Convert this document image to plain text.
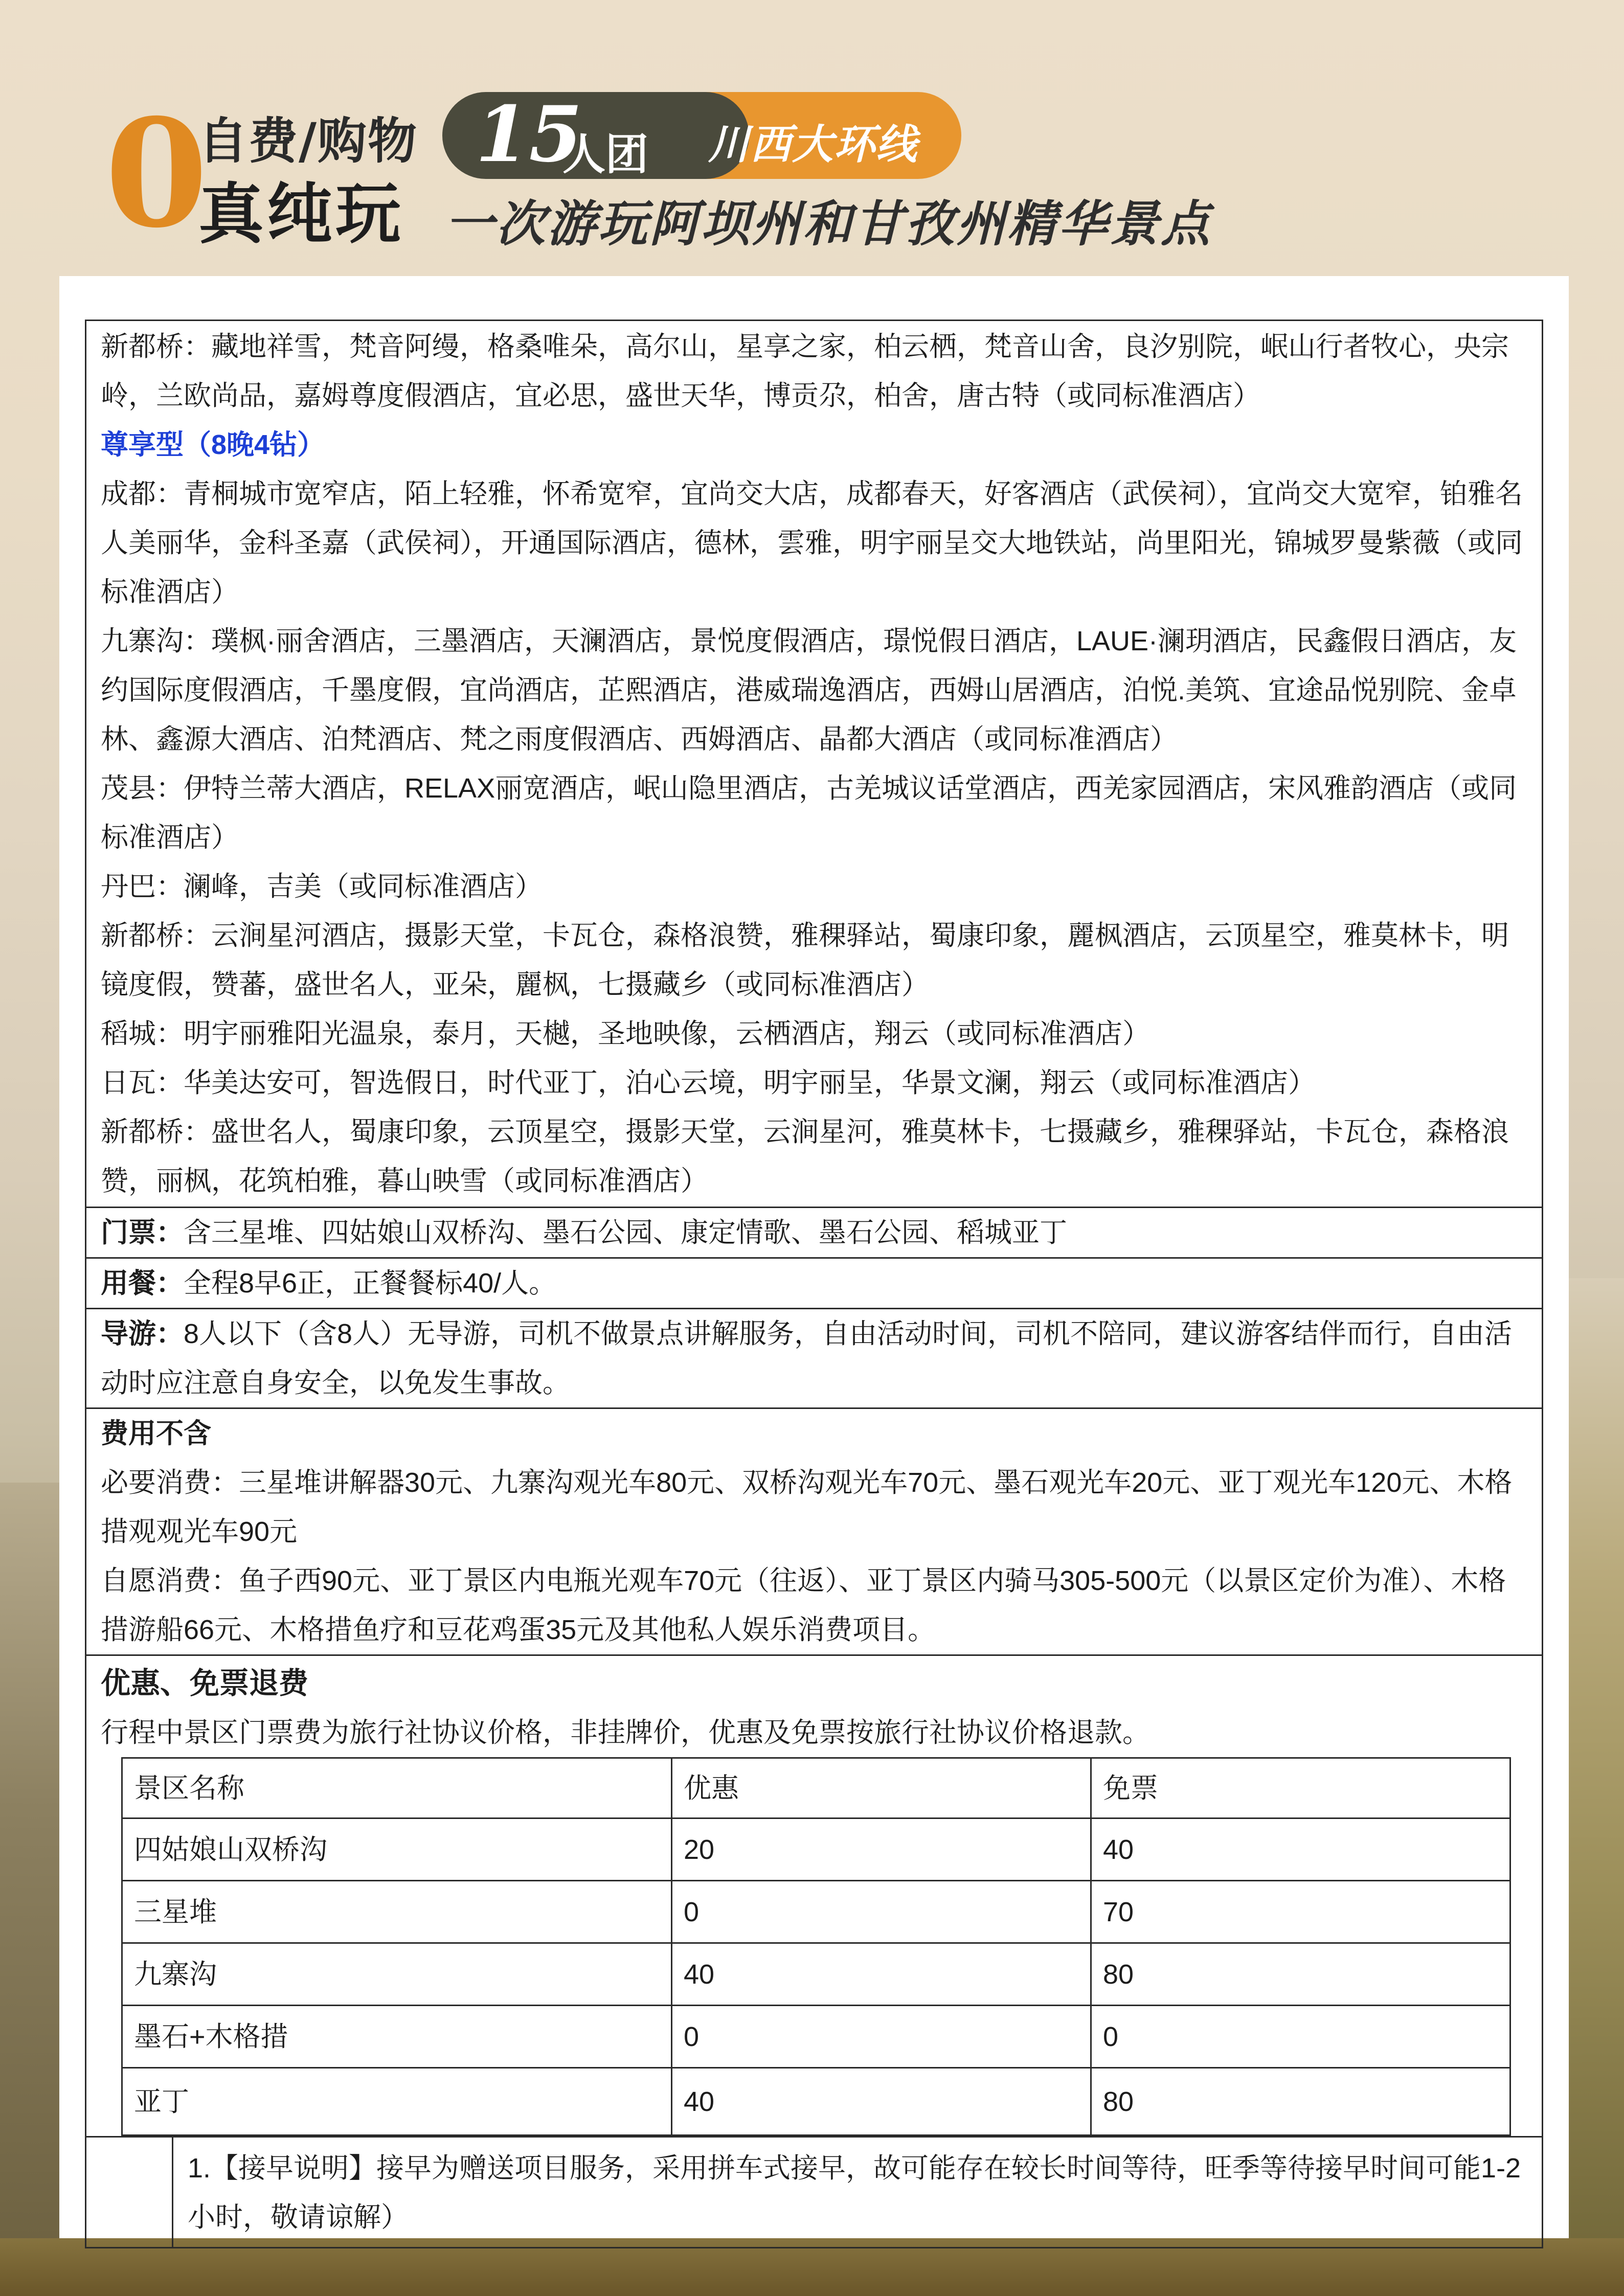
0
自费/购物
真纯玩
15
人团 川西大环线
一次游玩阿坝州和甘孜州精华景点
新都桥：藏地祥雪，梵音阿缦，格桑唯朵，高尔山，星享之家，柏云栖，梵音山舍，良汐别院，岷山行者牧心，央宗岭，兰欧尚品，嘉姆尊度假酒店，宜必思，盛世天华，博贡尕，柏舍，唐古特（或同标准酒店）
尊享型（8晚4钻）
成都：青桐城市宽窄店，陌上轻雅，怀希宽窄，宜尚交大店，成都春天，好客酒店（武侯祠），宜尚交大宽窄，铂雅名人美丽华，金科圣嘉（武侯祠），开通国际酒店，德林，雲雅，明宇丽呈交大地铁站，尚里阳光，锦城罗曼紫薇（或同标准酒店）
九寨沟：璞枫·丽舍酒店，三墨酒店，天澜酒店，景悦度假酒店，璟悦假日酒店，LAUE·澜玥酒店，民鑫假日酒店，友约国际度假酒店，千墨度假，宜尚酒店，芷熙酒店，港威瑞逸酒店，西姆山居酒店，泊悦.美筑、宜途品悦别院、金卓林、鑫源大酒店、泊梵酒店、梵之雨度假酒店、西姆酒店、晶都大酒店（或同标准酒店）
茂县：伊特兰蒂大酒店，RELAX丽宽酒店，岷山隐里酒店，古羌城议话堂酒店，西羌家园酒店，宋风雅韵酒店（或同标准酒店）
丹巴：澜峰，吉美（或同标准酒店）
新都桥：云涧星河酒店，摄影天堂，卡瓦仓，森格浪赞，雅稞驿站，蜀康印象，麗枫酒店，云顶星空，雅莫林卡，明镜度假，赞蕃，盛世名人，亚朵，麗枫，七摄藏乡（或同标准酒店）
稻城：明宇丽雅阳光温泉，泰月，天樾，圣地映像，云栖酒店，翔云（或同标准酒店）
日瓦：华美达安可，智选假日，时代亚丁，泊心云境，明宇丽呈，华景文澜，翔云（或同标准酒店）
新都桥：盛世名人，蜀康印象，云顶星空，摄影天堂，云涧星河，雅莫林卡，七摄藏乡，雅稞驿站，卡瓦仓，森格浪赞，丽枫，花筑柏雅，暮山映雪（或同标准酒店）
门票：含三星堆、四姑娘山双桥沟、墨石公园、康定情歌、墨石公园、稻城亚丁
用餐：全程8早6正，正餐餐标40/人。
导游：8人以下（含8人）无导游，司机不做景点讲解服务，自由活动时间，司机不陪同，建议游客结伴而行，自由活动时应注意自身安全，以免发生事故。
费用不含
必要消费：三星堆讲解器30元、九寨沟观光车80元、双桥沟观光车70元、墨石观光车20元、亚丁观光车120元、木格措观观光车90元
自愿消费：鱼子西90元、亚丁景区内电瓶光观车70元（往返）、亚丁景区内骑马305-500元（以景区定价为准）、木格措游船66元、木格措鱼疗和豆花鸡蛋35元及其他私人娱乐消费项目。
优惠、免票退费
行程中景区门票费为旅行社协议价格，非挂牌价，优惠及免票按旅行社协议价格退款。
景区名称	优惠	免票
四姑娘山双桥沟	20	40
三星堆	0	70
九寨沟	40	80
墨石+木格措	0	0
亚丁	40	80
1.【接早说明】接早为赠送项目服务，采用拼车式接早，故可能存在较长时间等待，旺季等待接早时间可能1-2 小时，敬请谅解）
